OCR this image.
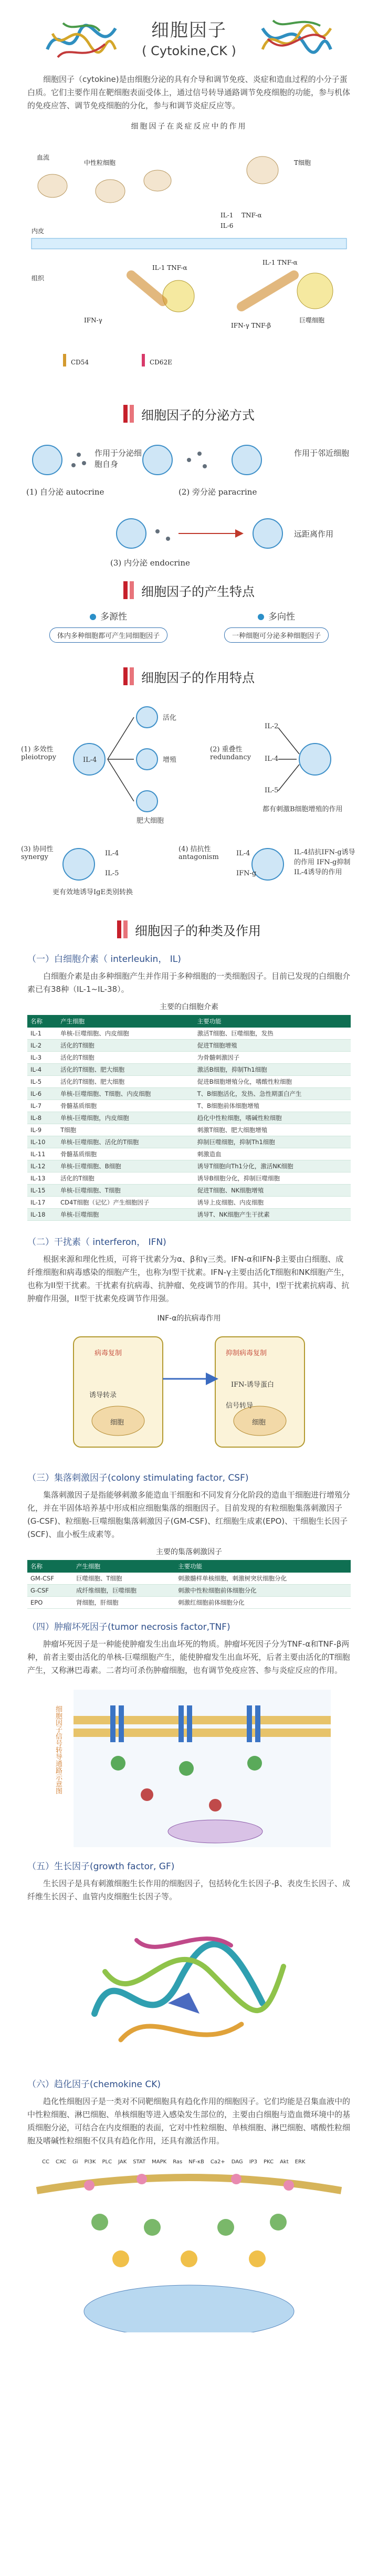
细胞因子
( Cytokine,CK )
细胞因子（cytokine)是由细胞分泌的具有介导和调节免疫、炎症和造血过程的小分子蛋白质。它们主要作用在靶细胞表面受体上，通过信号转导通路调节免疫细胞的功能，参与机体的免疫应答、调节免疫细胞的分化，参与和调节炎症反应等。
细胞因子在炎症反应中的作用
血流
中性粒细胞
内皮
T细胞
IL-1 TNF-α
IL-6
IL-1 TNF-α
巨噬细胞
组织
IFN-γ
IFN-γ TNF-β
IL-1 TNF-α
CD54	CD62E
细胞因子的分泌方式
作用于分泌细胞自身
作用于邻近细胞
(1) 自分泌 autocrine	(2) 旁分泌 paracrine
远距离作用
(3) 内分泌 endocrine
细胞因子的产生特点
多源性
体内多种细胞都可产生同细胞因子
多向性
一种细胞可分泌多种细胞因子
细胞因子的作用特点
(1) 多效性 pleiotropy	IL-4
活化
增殖
肥大细胞
(2) 重叠性 redundancy
IL-2
IL-4
IL-5
都有刺激B细胞增殖的作用
(3) 协同性 synergy	IL-4
IL-5
更有效地诱导IgE类别转换
(4) 拮抗性 antagonism	IL-4
IFN-g
IL-4拮抗IFN-g诱导的作用 IFN-g抑制IL-4诱导的作用
细胞因子的种类及作用
（一）白细胞介素（ interleukin， IL)
白细胞介素是由多种细胞产生并作用于多种细胞的一类细胞因子。目前已发现的白细胞介素已有38种（IL-1~IL-38）。
主要的白细胞介素
名称	产生细胞	主要功能
IL-1	单核-巨噬细胞、内皮细胞	激活T细胞、巨噬细胞，发热
IL-2	活化的T细胞	促进T细胞增殖
IL-3	活化的T细胞	为骨髓刺激因子
IL-4	活化的T细胞、肥大细胞	激活B细胞，抑制Th1细胞
IL-5	活化的T细胞、肥大细胞	促进B细胞增殖分化，嗜酸性粒细胞
IL-6	单核-巨噬细胞、T细胞、内皮细胞	T、B细胞活化，发热、急性期蛋白产生
IL-7	骨髓基质细胞	T、B细胞前体细胞增殖
IL-8	单核-巨噬细胞，内皮细胞	趋化中性粒细胞，嗜碱性粒细胞
IL-9	T细胞	刺激T细胞、肥大细胞增殖
IL-10	单核-巨噬细胞、活化的T细胞	抑制巨噬细胞，抑制Th1细胞
IL-11	骨髓基质细胞	刺激造血
IL-12	单核-巨噬细胞、B细胞	诱导T细胞向Th1分化，激活NK细胞
IL-13	活化的T细胞	诱导B细胞分化，抑制巨噬细胞
IL-15	单核-巨噬细胞、T细胞	促进T细胞、NK细胞增殖
IL-17	CD4T细胞（记忆）产生细胞因子	诱导上皮细胞、内皮细胞
IL-18	单核-巨噬细胞	诱导T、NK细胞产生干扰素
（二）干扰素（ interferon， IFN)
根据来源和理化性质，可将干扰素分为α、β和γ三类。IFN-α和IFN-β主要由白细胞、成纤维细胞和病毒感染的细胞产生，也称为I型干扰素。IFN-γ主要由活化T细胞和NK细胞产生，也称为II型干扰素。干扰素有抗病毒、抗肿瘤、免疫调节的作用。其中，I型干扰素抗病毒、抗肿瘤作用强，II型干扰素免疫调节作用强。
INF-α的抗病毒作用
病毒复制	抑制病毒复制
诱导转录
IFN-诱导蛋白
信号转导
细胞	细胞
（三）集落刺激因子(colony stimulating factor, CSF)
集落刺激因子是指能够刺激多能造血干细胞和不同发育分化阶段的造血干细胞进行增殖分化，并在半固体培养基中形成相应细胞集落的细胞因子。目前发现的有粒细胞集落刺激因子(G-CSF)、粒细胞-巨噬细胞集落刺激因子(GM-CSF)、红细胞生成素(EPO)、干细胞生长因子(SCF)、血小板生成素等。
主要的集落刺激因子
名称	产生细胞	主要功能
GM-CSF	巨噬细胞、T细胞	刺激髓样单核细胞，刺激树突状细胞分化
G-CSF	成纤维细胞，巨噬细胞	刺激中性粒细胞前体细胞分化
EPO	肾细胞，肝细胞	刺激红细胞前体细胞分化
（四）肿瘤坏死因子(tumor necrosis factor,TNF)
肿瘤坏死因子是一种能使肿瘤发生出血坏死的物质。肿瘤坏死因子分为TNF-α和TNF-β两种，前者主要由活化的单核-巨噬细胞产生，能使肿瘤发生出血坏死，后者主要由活化的T细胞产生，又称淋巴毒素。二者均可杀伤肿瘤细胞，也有调节免疫应答、参与炎症反应的作用。
细胞因子信号转导通路示意图
（五）生长因子(growth factor, GF)
生长因子是具有刺激细胞生长作用的细胞因子，包括转化生长因子-β、表皮生长因子、成纤维生长因子、血管内皮细胞生长因子等。
（六）趋化因子(chemokine CK)
趋化性细胞因子是一类对不同靶细胞具有趋化作用的细胞因子。它们均能是召集血液中的中性粒细胞、淋巴细胞、单核细胞等进入感染发生部位的，主要由白细胞与造血微环境中的基质细胞分泌，可结合在内皮细胞的表面，它对中性粒细胞、单核细胞、淋巴细胞、嗜酸性粒细胞及嗜碱性粒细胞不仅具有趋化作用，还具有激活作用。
CC CXC Gi PI3K PLC JAK STAT MAPK Ras NF-κB Ca2+ DAG IP3 PKC Akt ERK
